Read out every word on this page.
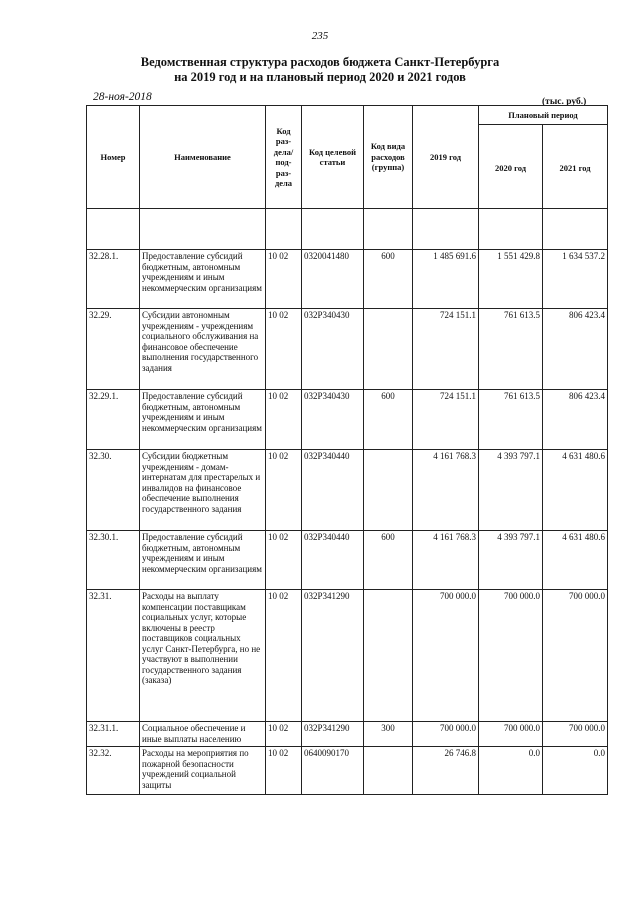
235
Ведомственная структура расходов бюджета Санкт-Петербурга
на 2019 год и на плановый период 2020 и 2021 годов
28-ноя-2018	(тыс. руб.)
Номер	Наименование	Код раз-дела/ под-раз-дела	Код целевой статьи	Код вида расходов (группа)	2019 год	Плановый период	
						2020 год	2021 год

32.28.1.	Предоставление субсидий бюджетным, автономным учреждениям и иным некоммерческим организациям	10 02	0320041480	600	1 485 691.6	1 551 429.8	1 634 537.2
32.29.	Субсидии автономным учреждениям - учреждениям социального обслуживания на финансовое обеспечение выполнения государственного задания	10 02	032P340430		724 151.1	761 613.5	806 423.4
32.29.1.	Предоставление субсидий бюджетным, автономным учреждениям и иным некоммерческим организациям	10 02	032P340430	600	724 151.1	761 613.5	806 423.4
32.30.	Субсидии бюджетным учреждениям - домам-интернатам для престарелых и инвалидов на финансовое обеспечение выполнения государственного задания	10 02	032P340440		4 161 768.3	4 393 797.1	4 631 480.6
32.30.1.	Предоставление субсидий бюджетным, автономным учреждениям и иным некоммерческим организациям	10 02	032P340440	600	4 161 768.3	4 393 797.1	4 631 480.6
32.31.	Расходы на выплату компенсации поставщикам социальных услуг, которые включены в реестр поставщиков социальных услуг Санкт-Петербурга, но не участвуют в выполнении государственного задания (заказа)	10 02	032P341290		700 000.0	700 000.0	700 000.0
32.31.1.	Социальное обеспечение и иные выплаты населению	10 02	032P341290	300	700 000.0	700 000.0	700 000.0
32.32.	Расходы на мероприятия по пожарной безопасности учреждений социальной защиты	10 02	0640090170		26 746.8	0.0	0.0
